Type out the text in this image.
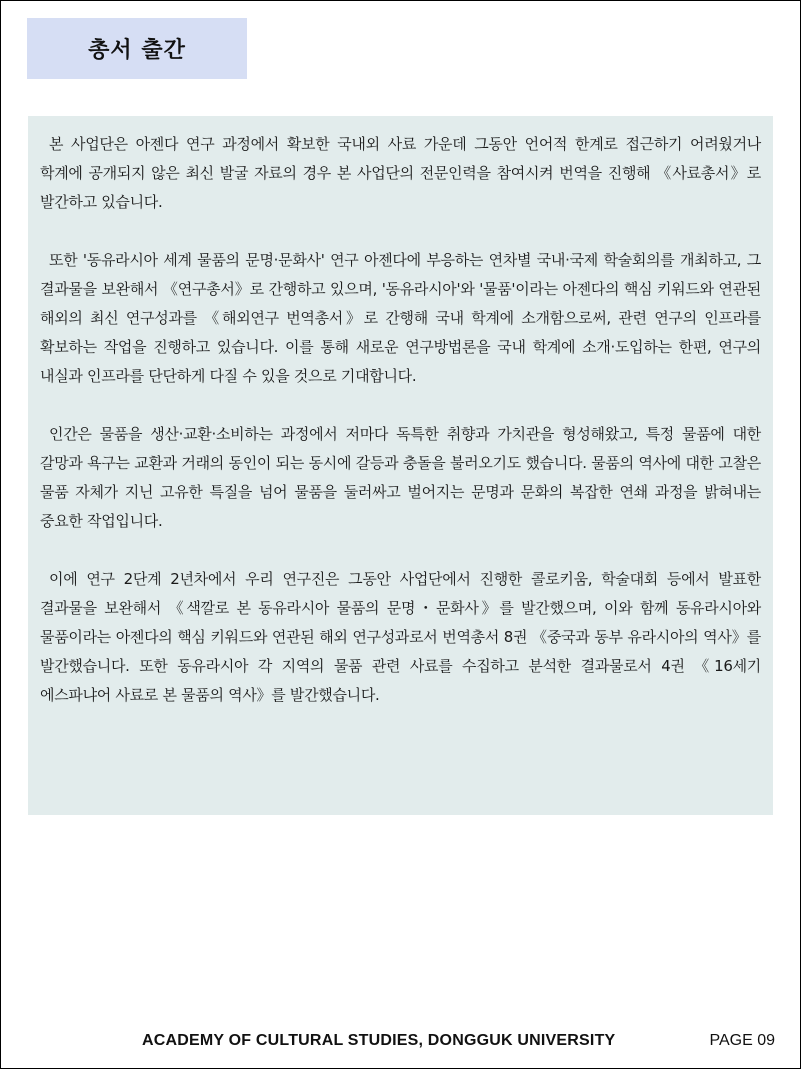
총서 출간

본 사업단은 아젠다 연구 과정에서 확보한 국내외 사료 가운데 그동안 언어적 한계로 접근하기 어려웠거나 학계에 공개되지 않은 최신 발굴 자료의 경우 본 사업단의 전문인력을 참여시켜 번역을 진행해 《사료총서》로 발간하고 있습니다.

또한 '동유라시아 세계 물품의 문명·문화사' 연구 아젠다에 부응하는 연차별 국내·국제 학술회의를 개최하고, 그 결과물을 보완해서 《연구총서》로 간행하고 있으며, '동유라시아'와 '물품'이라는 아젠다의 핵심 키워드와 연관된 해외의 최신 연구성과를 《해외연구 번역총서》로 간행해 국내 학계에 소개함으로써, 관련 연구의 인프라를 확보하는 작업을 진행하고 있습니다. 이를 통해 새로운 연구방법론을 국내 학계에 소개·도입하는 한편, 연구의 내실과 인프라를 단단하게 다질 수 있을 것으로 기대합니다.

인간은 물품을 생산·교환·소비하는 과정에서 저마다 독특한 취향과 가치관을 형성해왔고, 특정 물품에 대한 갈망과 욕구는 교환과 거래의 동인이 되는 동시에 갈등과 충돌을 불러오기도 했습니다. 물품의 역사에 대한 고찰은 물품 자체가 지닌 고유한 특질을 넘어 물품을 둘러싸고 벌어지는 문명과 문화의 복잡한 연쇄 과정을 밝혀내는 중요한 작업입니다.

이에 연구 2단계 2년차에서 우리 연구진은 그동안 사업단에서 진행한 콜로키움, 학술대회 등에서 발표한 결과물을 보완해서 《색깔로 본 동유라시아 물품의 문명・문화사》를 발간했으며, 이와 함께 동유라시아와 물품이라는 아젠다의 핵심 키워드와 연관된 해외 연구성과로서 번역총서 8권 《중국과 동부 유라시아의 역사》를 발간했습니다. 또한 동유라시아 각 지역의 물품 관련 사료를 수집하고 분석한 결과물로서 4권 《16세기 에스파냐어 사료로 본 물품의 역사》를 발간했습니다.

ACADEMY OF CULTURAL STUDIES, DONGGUK UNIVERSITY	PAGE 09
